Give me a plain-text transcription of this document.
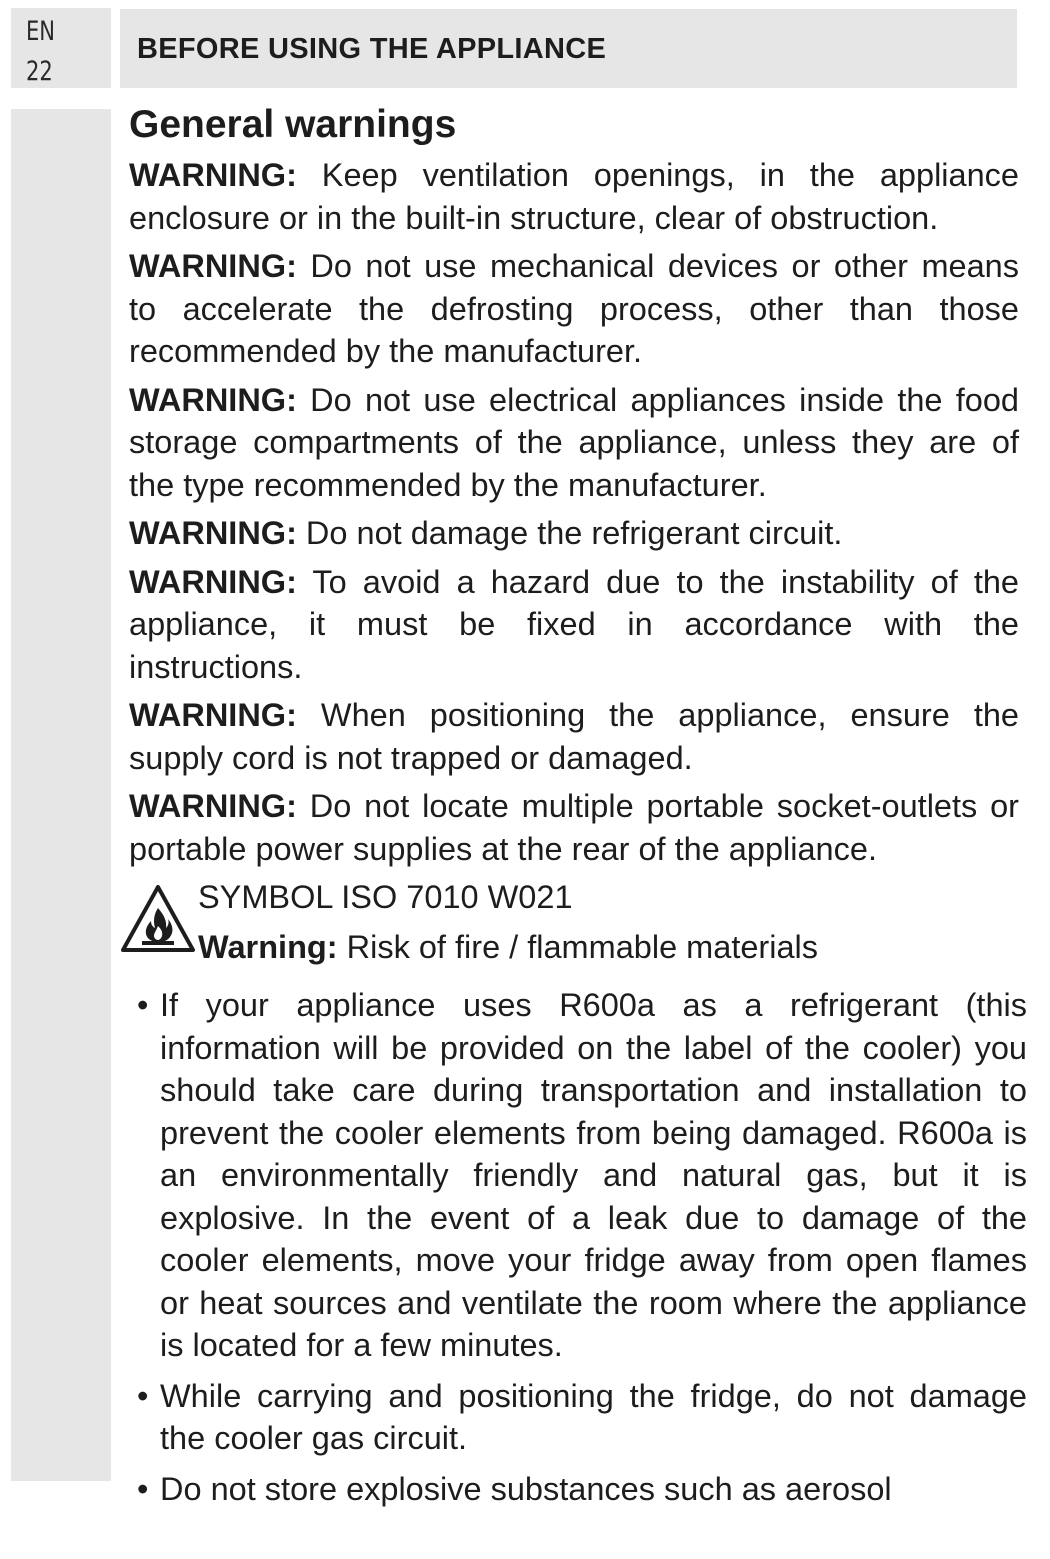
EN
22
BEFORE USING THE APPLIANCE
General warnings

WARNING: Keep ventilation openings, in the appliance enclosure or in the built-in structure, clear of obstruction.

WARNING: Do not use mechanical devices or other means to accelerate the defrosting process, other than those recommended by the manufacturer.

WARNING: Do not use electrical appliances inside the food storage compartments of the appliance, unless they are of the type recommended by the manufacturer.

WARNING: Do not damage the refrigerant circuit.

WARNING: To avoid a hazard due to the instability of the appliance, it must be fixed in accordance with the instructions.

WARNING: When positioning the appliance, ensure the supply cord is not trapped or damaged.

WARNING: Do not locate multiple portable socket-outlets or portable power supplies at the rear of the appliance.

SYMBOL ISO 7010 W021
Warning: Risk of fire / flammable materials
• If your appliance uses R600a as a refrigerant (this information will be provided on the label of the cooler) you should take care during transportation and installation to prevent the cooler elements from being damaged. R600a is an environmentally friendly and natural gas, but it is explosive. In the event of a leak due to damage of the cooler elements, move your fridge away from open flames or heat sources and ventilate the room where the appliance is located for a few minutes.
• While carrying and positioning the fridge, do not damage the cooler gas circuit.
• Do not store explosive substances such as aerosol
